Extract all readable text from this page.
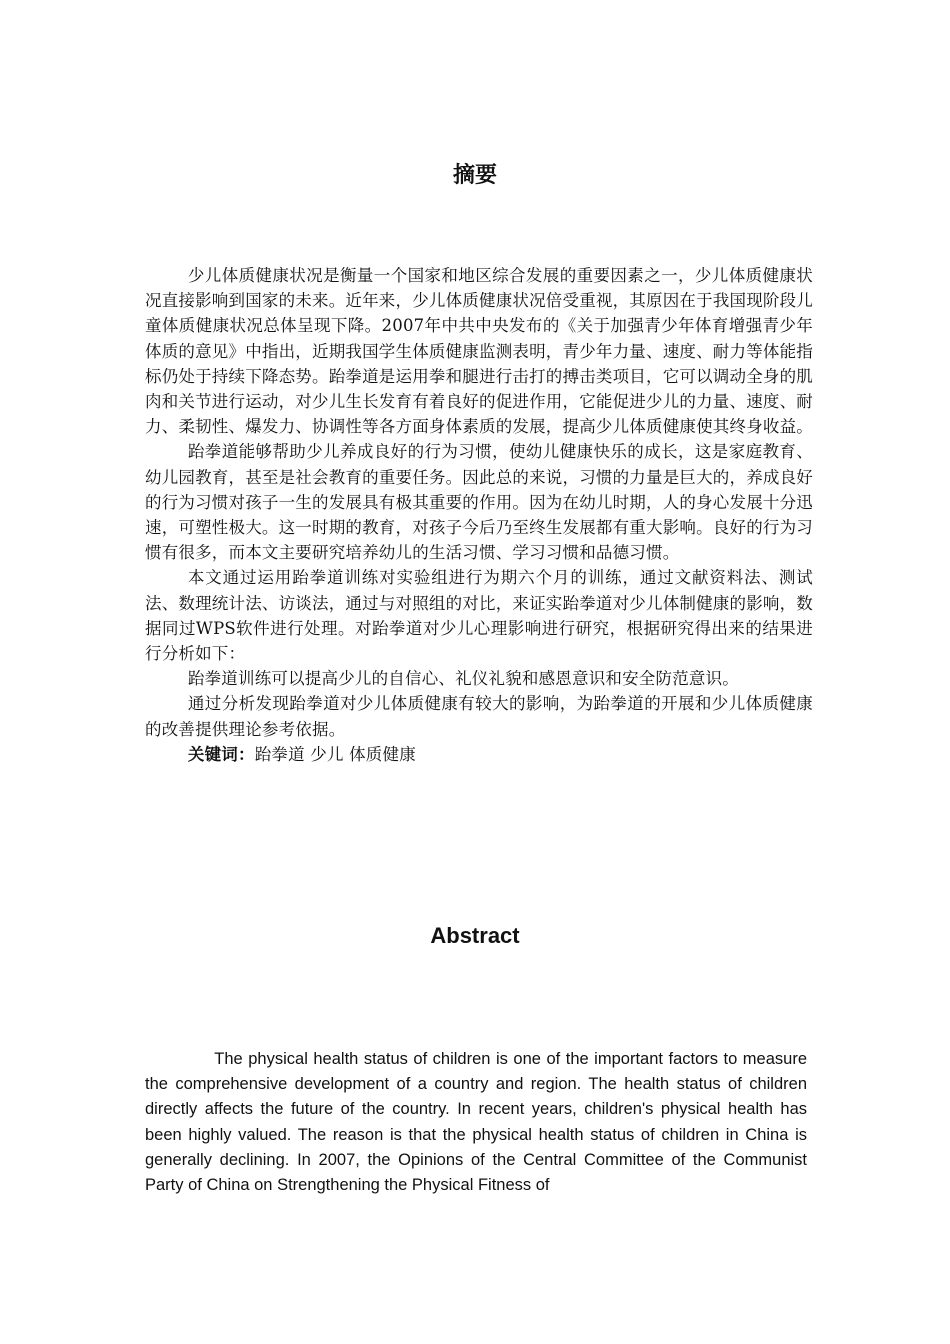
摘要

少儿体质健康状况是衡量一个国家和地区综合发展的重要因素之一，少儿体质健康状况直接影响到国家的未来。近年来，少儿体质健康状况倍受重视，其原因在于我国现阶段儿童体质健康状况总体呈现下降。2007年中共中央发布的《关于加强青少年体育增强青少年体质的意见》中指出，近期我国学生体质健康监测表明，青少年力量、速度、耐力等体能指标仍处于持续下降态势。跆拳道是运用拳和腿进行击打的搏击类项目，它可以调动全身的肌肉和关节进行运动，对少儿生长发育有着良好的促进作用，它能促进少儿的力量、速度、耐力、柔韧性、爆发力、协调性等各方面身体素质的发展，提高少儿体质健康使其终身收益。

跆拳道能够帮助少儿养成良好的行为习惯，使幼儿健康快乐的成长，这是家庭教育、幼儿园教育，甚至是社会教育的重要任务。因此总的来说，习惯的力量是巨大的，养成良好的行为习惯对孩子一生的发展具有极其重要的作用。因为在幼儿时期，人的身心发展十分迅速，可塑性极大。这一时期的教育，对孩子今后乃至终生发展都有重大影响。良好的行为习惯有很多，而本文主要研究培养幼儿的生活习惯、学习习惯和品德习惯。

本文通过运用跆拳道训练对实验组进行为期六个月的训练，通过文献资料法、测试法、数理统计法、访谈法，通过与对照组的对比，来证实跆拳道对少儿体制健康的影响，数据同过WPS软件进行处理。对跆拳道对少儿心理影响进行研究，根据研究得出来的结果进行分析如下：

跆拳道训练可以提高少儿的自信心、礼仪礼貌和感恩意识和安全防范意识。

通过分析发现跆拳道对少儿体质健康有较大的影响，为跆拳道的开展和少儿体质健康的改善提供理论参考依据。

关键词：跆拳道 少儿 体质健康

Abstract

The physical health status of children is one of the important factors to measure the comprehensive development of a country and region. The health status of children directly affects the future of the country. In recent years, children's physical health has been highly valued. The reason is that the physical health status of children in China is generally declining. In 2007, the Opinions of the Central Committee of the Communist Party of China on Strengthening the Physical Fitness of
